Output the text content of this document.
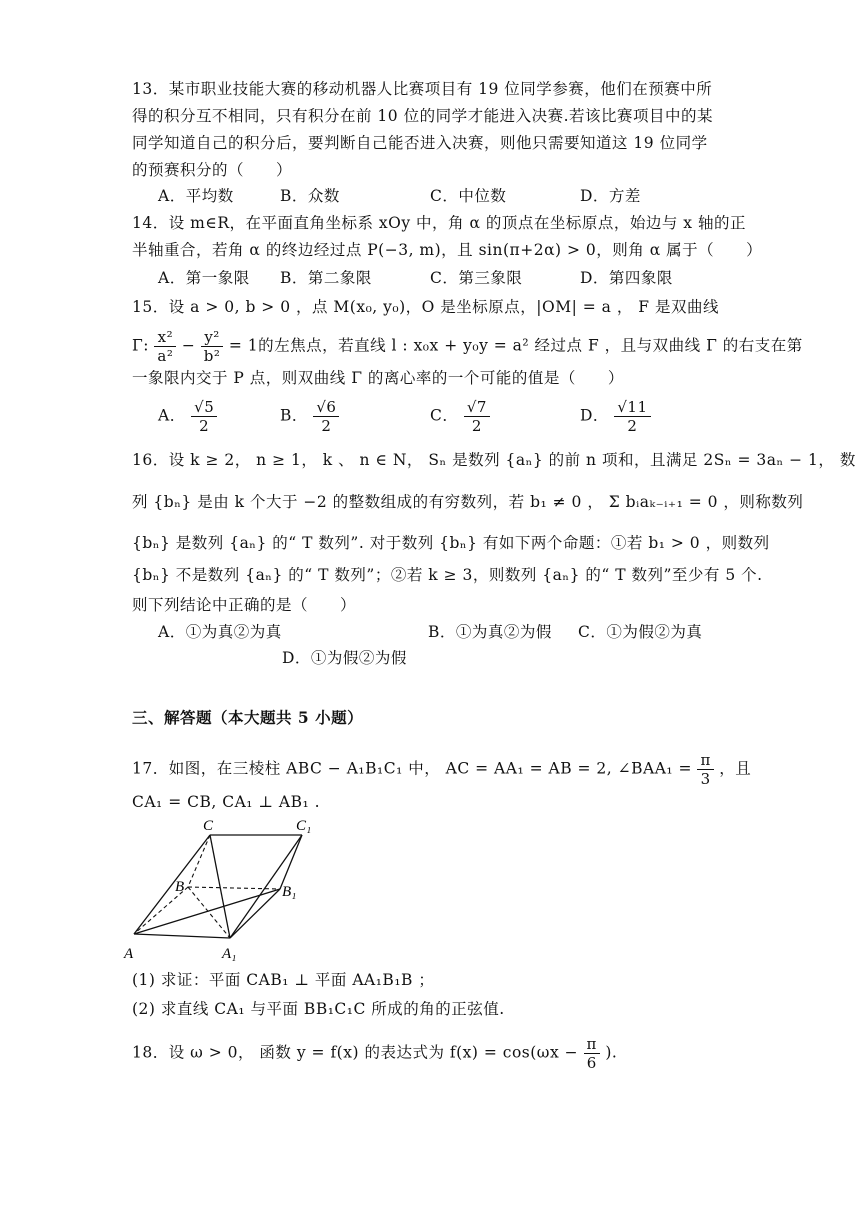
13．某市职业技能大赛的移动机器人比赛项目有 19 位同学参赛，他们在预赛中所
得的积分互不相同，只有积分在前 10 位的同学才能进入决赛.若该比赛项目中的某
同学知道自己的积分后，要判断自己能否进入决赛，则他只需要知道这 19 位同学
的预赛积分的（　　）
A．平均数	B．众数	C．中位数	D．方差
14．设 m∈R，在平面直角坐标系 xOy 中，角 α 的顶点在坐标原点，始边与 x 轴的正
半轴重合，若角 α 的终边经过点 P(−3, m)，且 sin(π+2α) > 0，则角 α 属于（　　）
A．第一象限 B．第二象限	C．第三象限	D．第四象限
15．设 a > 0, b > 0 ，点 M(x₀, y₀)，O 是坐标原点，|OM| = a ， F 是双曲线
Γ: $\frac{\text{x²}}{\text{a²}} - \frac{\text{y²}}{\text{b²}} = 1$的左焦点，若直线 l : x₀x + y₀y = a² 经过点 F ，且与双曲线 Γ 的右支在第
一象限内交于 P 点，则双曲线 Γ 的离心率的一个可能的值是（　　）
A． $\frac{√5}{2}$	B． $\frac{√6}{2}$	C． $\frac{√7}{2}$	D． $\frac{√11}{2}$
16．设 k ≥ 2， n ≥ 1， k 、 n ∈ N， Sₙ 是数列 {aₙ} 的前 n 项和，且满足 2Sₙ = 3aₙ − 1， 数
列 {bₙ} 是由 k 个大于 −2 的整数组成的有穷数列，若 b₁ ≠ 0 ， Σ bᵢaₖ₋ᵢ₊₁ = 0 ，则称数列
{bₙ} 是数列 {aₙ} 的“ T 数列”. 对于数列 {bₙ} 有如下两个命题：①若 b₁ > 0 ，则数列
{bₙ} 不是数列 {aₙ} 的“ T 数列”；②若 k ≥ 3，则数列 {aₙ} 的“ T 数列”至少有 5 个.
则下列结论中正确的是（　　）
A．①为真②为真	B．①为真②为假 C．①为假②为真
D．①为假②为假
三、解答题（本大题共 5 小题）
17．如图，在三棱柱 ABC − A₁B₁C₁ 中， AC = AA₁ = AB = 2, ∠BAA₁ = $\frac{\pi}{3}$ ，且
CA₁ = CB, CA₁ ⊥ AB₁ .
C	C₁
B	B₁
A	A₁
(1) 求证：平面 CAB₁ ⊥ 平面 AA₁B₁B ；
(2) 求直线 CA₁ 与平面 BB₁C₁C 所成的角的正弦值.
18．设 ω > 0， 函数 y = f(x) 的表达式为 $f(x) = \cos(\omega x - \frac{\pi}{6}$ ).
